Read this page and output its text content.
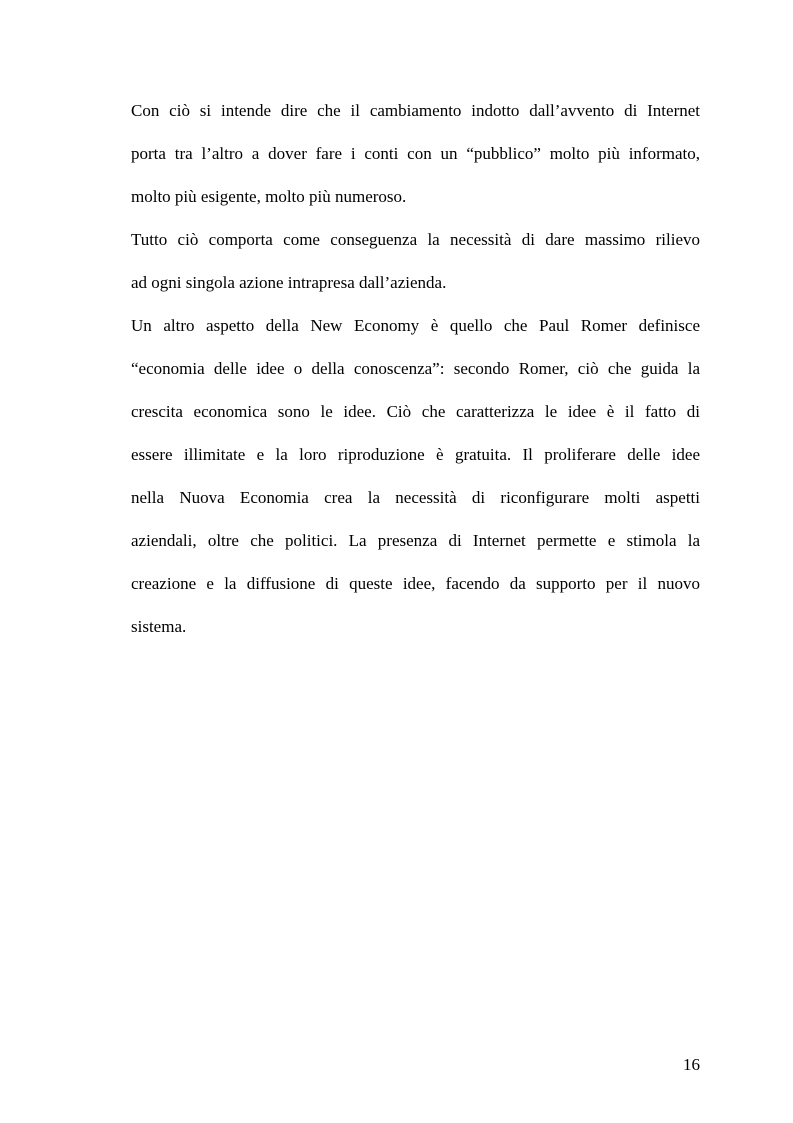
Con ciò si intende dire che il cambiamento indotto dall’avvento di Internet
porta tra l’altro a dover fare i conti con un “pubblico” molto più informato,
molto più esigente, molto più numeroso.
Tutto ciò comporta come conseguenza la necessità di dare massimo rilievo
ad ogni singola azione intrapresa dall’azienda.
Un altro aspetto della New Economy è quello che Paul Romer definisce
“economia delle idee o della conoscenza”: secondo Romer, ciò che guida la
crescita economica sono le idee. Ciò che caratterizza le idee è il fatto di
essere illimitate e la loro riproduzione è gratuita. Il proliferare delle idee
nella Nuova Economia crea la necessità di riconfigurare molti aspetti
aziendali, oltre che politici. La presenza di Internet permette e stimola la
creazione e la diffusione di queste idee, facendo da supporto per il nuovo
sistema.
16
